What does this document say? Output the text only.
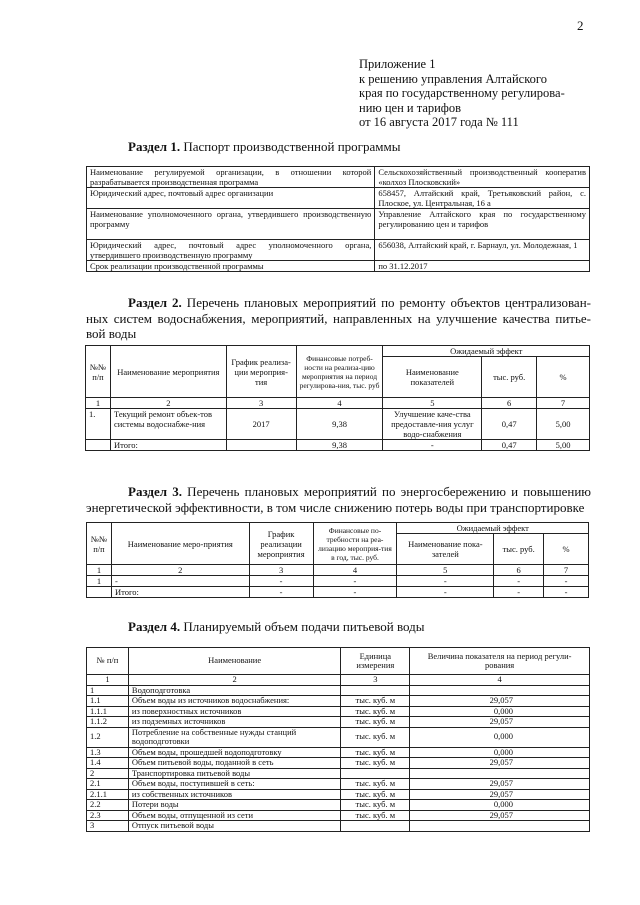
2
Приложение 1
к решению управления Алтайского
края по государственному регулирова-
нию цен и тарифов
от 16 августа 2017 года № 111
Раздел 1. Паспорт производственной программы
Наименование регулируемой организации, в отношении которой разрабатывается производственная программа	Сельскохозяйственный производственный кооператив «колхоз Плосковский»
Юридический адрес, почтовый адрес организации	658457, Алтайский край, Третьяковский район, с. Плоское, ул. Центральная, 16 а
Наименование уполномоченного органа, утвердившего производственную программу	Управление Алтайского края по государственному регулированию цен и тарифов
Юридический адрес, почтовый адрес уполномоченного органа, утвердившего производственную программу	656038, Алтайский край, г. Барнаул, ул. Молодежная, 1
Срок реализации производственной программы	по 31.12.2017
Раздел 2. Перечень плановых мероприятий по ремонту объектов централизован-ных систем водоснабжения, мероприятий, направленных на улучшение качества питье-вой воды
№№ п/п	Наименование мероприятия	График реализа-ции мероприя-тия	Финансовые потреб-ности на реализа-цию мероприятия на период регулирова-ния, тыс. руб	Ожидаемый эффект		
				Наименование показателей	тыс. руб.	%
1	2	3	4	5	6	7
1.	Текущий ремонт объек-тов системы водоснабже-ния	2017	9,38	Улучшение каче-ства предоставле-ния услуг водо-снабжения	0,47	5,00
	Итого:		9,38	-	0,47	5,00
Раздел 3. Перечень плановых мероприятий по энергосбережению и повышению энергетической эффективности, в том числе снижению потерь воды при транспортировке
№№ п/п	Наименование меро-приятия	График реализации мероприятия	Финансовые по-требности на реа-лизацию мероприя-тия в год, тыс. руб.	Ожидаемый эффект		
				Наименование пока-зателей	тыс. руб.	%
1	2	3	4	5	6	7
1	-	-	-	-	-	-
	Итого:	-	-	-	-	-
Раздел 4. Планируемый объем подачи питьевой воды
№ п/п	Наименование	Единица измерения	Величина показателя на период регули-рования
1	2	3	4
1	Водоподготовка		
1.1	Объем воды из источников водоснабжения:	тыс. куб. м	29,057
1.1.1	из поверхностных источников	тыс. куб. м	0,000
1.1.2	из подземных источников	тыс. куб. м	29,057
1.2	Потребление на собственные нужды станций водоподготовки	тыс. куб. м	0,000
1.3	Объем воды, прошедшей водоподготовку	тыс. куб. м	0,000
1.4	Объем питьевой воды, поданной в сеть	тыс. куб. м	29,057
2	Транспортировка питьевой воды		
2.1	Объем воды, поступившей в сеть:	тыс. куб. м	29,057
2.1.1	из собственных источников	тыс. куб. м	29,057
2.2	Потери воды	тыс. куб. м	0,000
2.3	Объем воды, отпущенной из сети	тыс. куб. м	29,057
3	Отпуск питьевой воды		
